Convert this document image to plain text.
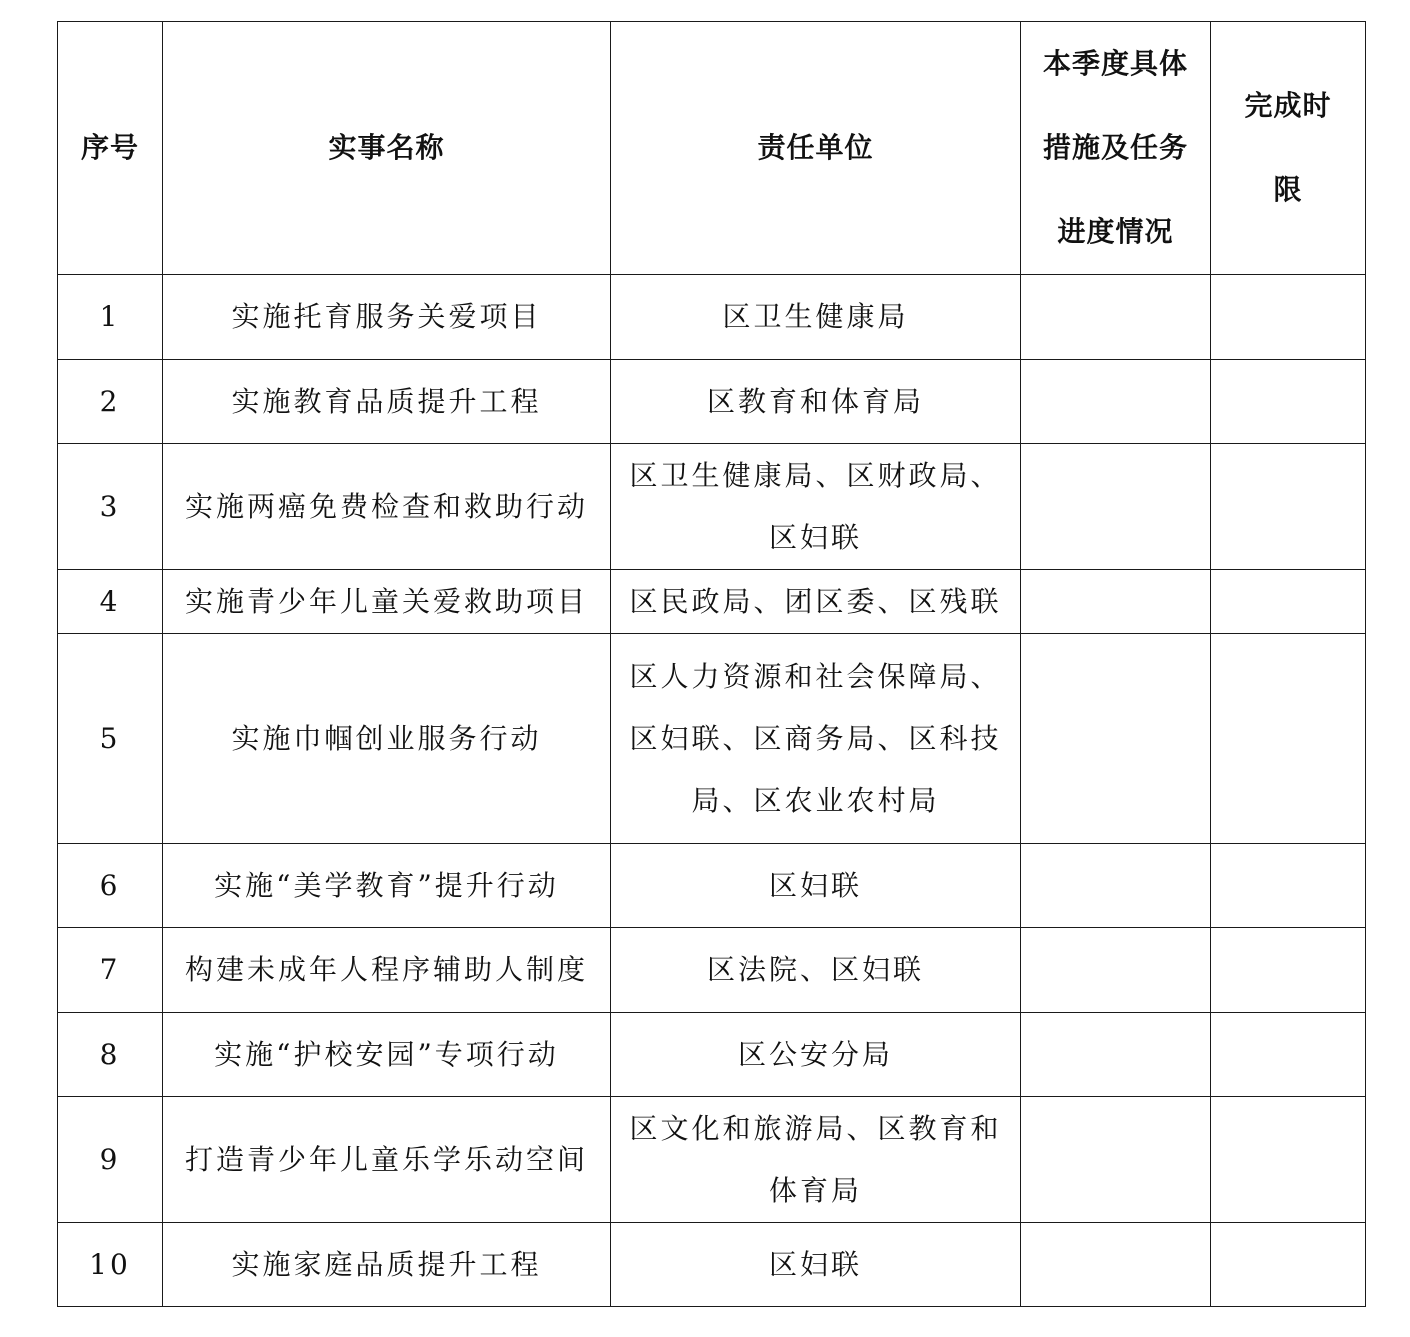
序号	实事名称	责任单位	本季度具体措施及任务进度情况	完成时限
1	实施托育服务关爱项目	区卫生健康局		
2	实施教育品质提升工程	区教育和体育局		
3	实施两癌免费检查和救助行动	区卫生健康局、区财政局、区妇联		
4	实施青少年儿童关爱救助项目	区民政局、团区委、区残联		
5	实施巾帼创业服务行动	区人力资源和社会保障局、区妇联、区商务局、区科技局、区农业农村局		
6	实施“美学教育”提升行动	区妇联		
7	构建未成年人程序辅助人制度	区法院、区妇联		
8	实施“护校安园”专项行动	区公安分局		
9	打造青少年儿童乐学乐动空间	区文化和旅游局、区教育和体育局		
10	实施家庭品质提升工程	区妇联		
